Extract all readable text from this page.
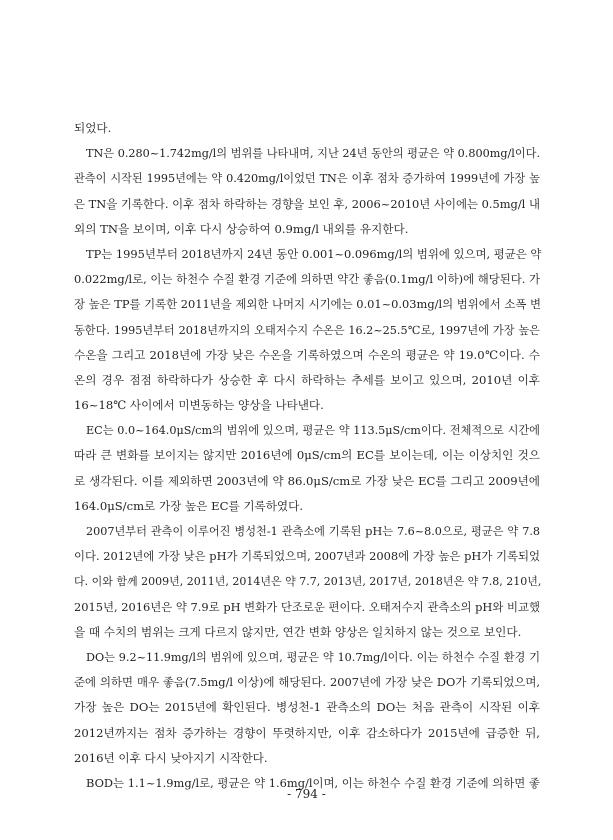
되었다.
TN은 0.280~1.742mg/l의 범위를 나타내며, 지난 24년 동안의 평균은 약 0.800mg/l이다.
관측이 시작된 1995년에는 약 0.420mg/l이었던 TN은 이후 점차 증가하여 1999년에 가장 높
은 TN을 기록한다. 이후 점차 하락하는 경향을 보인 후, 2006~2010년 사이에는 0.5mg/l 내
외의 TN을 보이며, 이후 다시 상승하여 0.9mg/l 내외를 유지한다.
TP는 1995년부터 2018년까지 24년 동안 0.001~0.096mg/l의 범위에 있으며, 평균은 약
0.022mg/l로, 이는 하천수 수질 환경 기준에 의하면 약간 좋음(0.1mg/l 이하)에 해당된다. 가
장 높은 TP를 기록한 2011년을 제외한 나머지 시기에는 0.01~0.03mg/l의 범위에서 소폭 변
동한다. 1995년부터 2018년까지의 오태저수지 수온은 16.2~25.5℃로, 1997년에 가장 높은
수온을 그리고 2018년에 가장 낮은 수온을 기록하였으며 수온의 평균은 약 19.0℃이다. 수
온의 경우 점점 하락하다가 상승한 후 다시 하락하는 추세를 보이고 있으며, 2010년 이후
16~18℃ 사이에서 미변동하는 양상을 나타낸다.
EC는 0.0~164.0μS/cm의 범위에 있으며, 평균은 약 113.5μS/cm이다. 전체적으로 시간에
따라 큰 변화를 보이지는 않지만 2016년에 0μS/cm의 EC를 보이는데, 이는 이상치인 것으
로 생각된다. 이를 제외하면 2003년에 약 86.0μS/cm로 가장 낮은 EC를 그리고 2009년에
164.0μS/cm로 가장 높은 EC를 기록하였다.
2007년부터 관측이 이루어진 병성천-1 관측소에 기록된 pH는 7.6~8.0으로, 평균은 약 7.8
이다. 2012년에 가장 낮은 pH가 기록되었으며, 2007년과 2008에 가장 높은 pH가 기록되었
다. 이와 함께 2009년, 2011년, 2014년은 약 7.7, 2013년, 2017년, 2018년은 약 7.8, 210년,
2015년, 2016년은 약 7.9로 pH 변화가 단조로운 편이다. 오태저수지 관측소의 pH와 비교했
을 때 수치의 범위는 크게 다르지 않지만, 연간 변화 양상은 일치하지 않는 것으로 보인다.
DO는 9.2~11.9mg/l의 범위에 있으며, 평균은 약 10.7mg/l이다. 이는 하천수 수질 환경 기
준에 의하면 매우 좋음(7.5mg/l 이상)에 해당된다. 2007년에 가장 낮은 DO가 기록되었으며,
가장 높은 DO는 2015년에 확인된다. 병성천-1 관측소의 DO는 처음 관측이 시작된 이후
2012년까지는 점차 증가하는 경향이 뚜렷하지만, 이후 감소하다가 2015년에 급증한 뒤,
2016년 이후 다시 낮아지기 시작한다.
BOD는 1.1~1.9mg/l로, 평균은 약 1.6mg/l이며, 이는 하천수 수질 환경 기준에 의하면 좋
- 794 -
